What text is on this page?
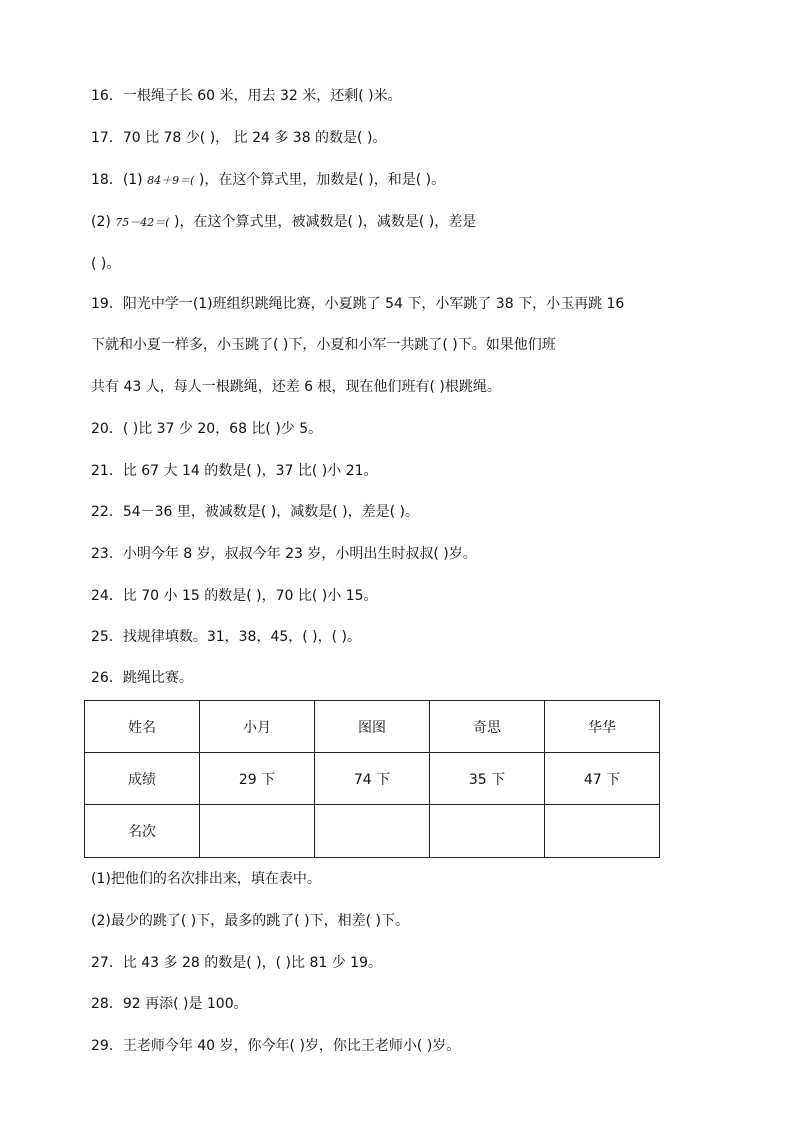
16．一根绳子长 60 米，用去 32 米，还剩( )米。
17．70 比 78 少( )， 比 24 多 38 的数是( )。
18．(1) 84＋9＝( )，在这个算式里，加数是( )，和是( )。
(2) 75－42＝( )，在这个算式里，被减数是( )，减数是( )，差是
( )。
19．阳光中学一(1)班组织跳绳比赛，小夏跳了 54 下，小军跳了 38 下，小玉再跳 16
下就和小夏一样多，小玉跳了( )下，小夏和小军一共跳了( )下。如果他们班
共有 43 人，每人一根跳绳，还差 6 根，现在他们班有( )根跳绳。
20．( )比 37 少 20，68 比( )少 5。
21．比 67 大 14 的数是( )，37 比( )小 21。
22．54－36 里，被减数是( )，减数是( )，差是( )。
23．小明今年 8 岁，叔叔今年 23 岁，小明出生时叔叔( )岁。
24．比 70 小 15 的数是( )，70 比( )小 15。
25．找规律填数。31，38，45，( )，( )。
26．跳绳比赛。
姓名	小月	图图	奇思	华华
成绩	29 下	74 下	35 下	47 下
名次				
(1)把他们的名次排出来，填在表中。
(2)最少的跳了( )下，最多的跳了( )下，相差( )下。
27．比 43 多 28 的数是( )，( )比 81 少 19。
28．92 再添( )是 100。
29．王老师今年 40 岁，你今年( )岁，你比王老师小( )岁。
